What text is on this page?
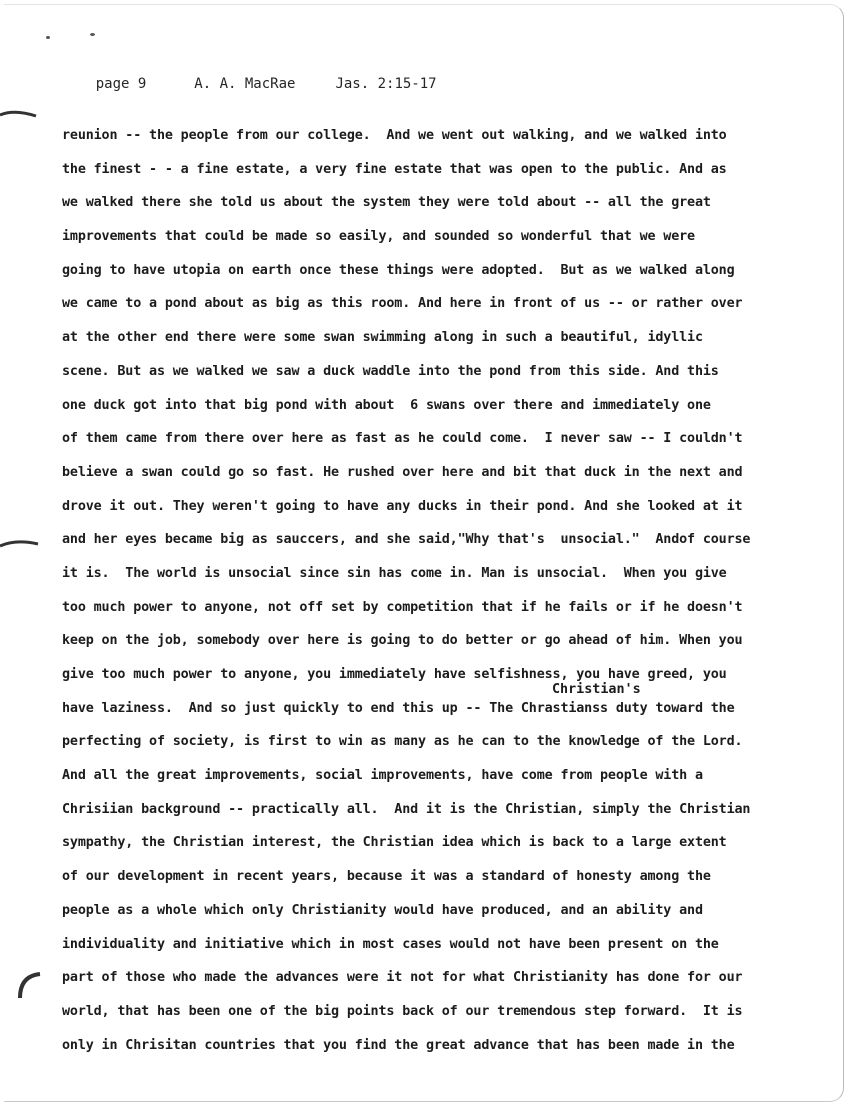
page 9	A. A. MacRae	Jas. 2:15-17

Christian's
reunion -- the people from our college.  And we went out walking, and we walked into
the finest - - a fine estate, a very fine estate that was open to the public. And as
we walked there she told us about the system they were told about -- all the great
improvements that could be made so easily, and sounded so wonderful that we were
going to have utopia on earth once these things were adopted.  But as we walked along
we came to a pond about as big as this room. And here in front of us -- or rather over
at the other end there were some swan swimming along in such a beautiful, idyllic
scene. But as we walked we saw a duck waddle into the pond from this side. And this
one duck got into that big pond with about  6 swans over there and immediately one
of them came from there over here as fast as he could come.  I never saw -- I couldn't
believe a swan could go so fast. He rushed over here and bit that duck in the next and
drove it out. They weren't going to have any ducks in their pond. And she looked at it
and her eyes became big as sauccers, and she said,"Why that's  unsocial."  Andof course
it is.  The world is unsocial since sin has come in. Man is unsocial.  When you give
too much power to anyone, not off set by competition that if he fails or if he doesn't
keep on the job, somebody over here is going to do better or go ahead of him. When you
give too much power to anyone, you immediately have selfishness, you have greed, you
have laziness.  And so just quickly to end this up -- The Chrastianss duty toward the
perfecting of society, is first to win as many as he can to the knowledge of the Lord.
And all the great improvements, social improvements, have come from people with a
Chrisiian background -- practically all.  And it is the Christian, simply the Christian
sympathy, the Christian interest, the Christian idea which is back to a large extent
of our development in recent years, because it was a standard of honesty among the
people as a whole which only Christianity would have produced, and an ability and
individuality and initiative which in most cases would not have been present on the
part of those who made the advances were it not for what Christianity has done for our
world, that has been one of the big points back of our tremendous step forward.  It is
only in Chrisitan countries that you find the great advance that has been made in the
